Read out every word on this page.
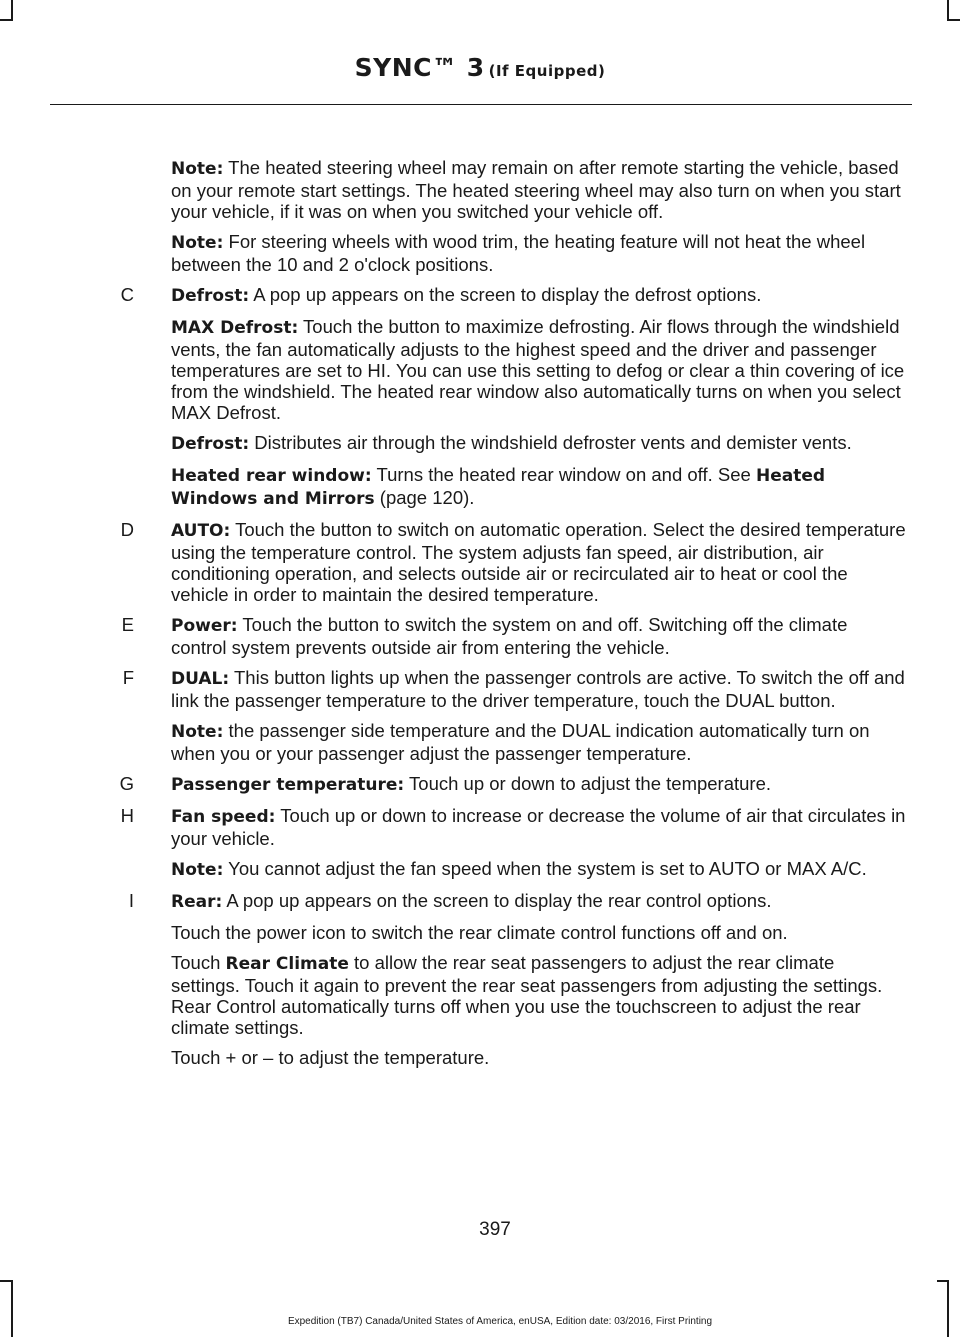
SYNC™ 3 (If Equipped)

Note: The heated steering wheel may remain on after remote starting the vehicle, based on your remote start settings. The heated steering wheel may also turn on when you start your vehicle, if it was on when you switched your vehicle off.

Note: For steering wheels with wood trim, the heating feature will not heat the wheel between the 10 and 2 o'clock positions.

C Defrost: A pop up appears on the screen to display the defrost options.

MAX Defrost: Touch the button to maximize defrosting. Air flows through the windshield vents, the fan automatically adjusts to the highest speed and the driver and passenger temperatures are set to HI. You can use this setting to defog or clear a thin covering of ice from the windshield. The heated rear window also automatically turns on when you select MAX Defrost.

Defrost: Distributes air through the windshield defroster vents and demister vents.

Heated rear window: Turns the heated rear window on and off. See Heated Windows and Mirrors (page 120).

D AUTO: Touch the button to switch on automatic operation. Select the desired temperature using the temperature control. The system adjusts fan speed, air distribution, air conditioning operation, and selects outside air or recirculated air to heat or cool the vehicle in order to maintain the desired temperature.

E Power: Touch the button to switch the system on and off. Switching off the climate control system prevents outside air from entering the vehicle.

F DUAL: This button lights up when the passenger controls are active. To switch the off and link the passenger temperature to the driver temperature, touch the DUAL button.

Note: the passenger side temperature and the DUAL indication automatically turn on when you or your passenger adjust the passenger temperature.

G Passenger temperature: Touch up or down to adjust the temperature.

H Fan speed: Touch up or down to increase or decrease the volume of air that circulates in your vehicle.

Note: You cannot adjust the fan speed when the system is set to AUTO or MAX A/C.

I Rear: A pop up appears on the screen to display the rear control options.

Touch the power icon to switch the rear climate control functions off and on.

Touch Rear Climate to allow the rear seat passengers to adjust the rear climate settings. Touch it again to prevent the rear seat passengers from adjusting the settings. Rear Control automatically turns off when you use the touchscreen to adjust the rear climate settings.

Touch + or – to adjust the temperature.

397
Expedition (TB7) Canada/United States of America, enUSA, Edition date: 03/2016, First Printing
